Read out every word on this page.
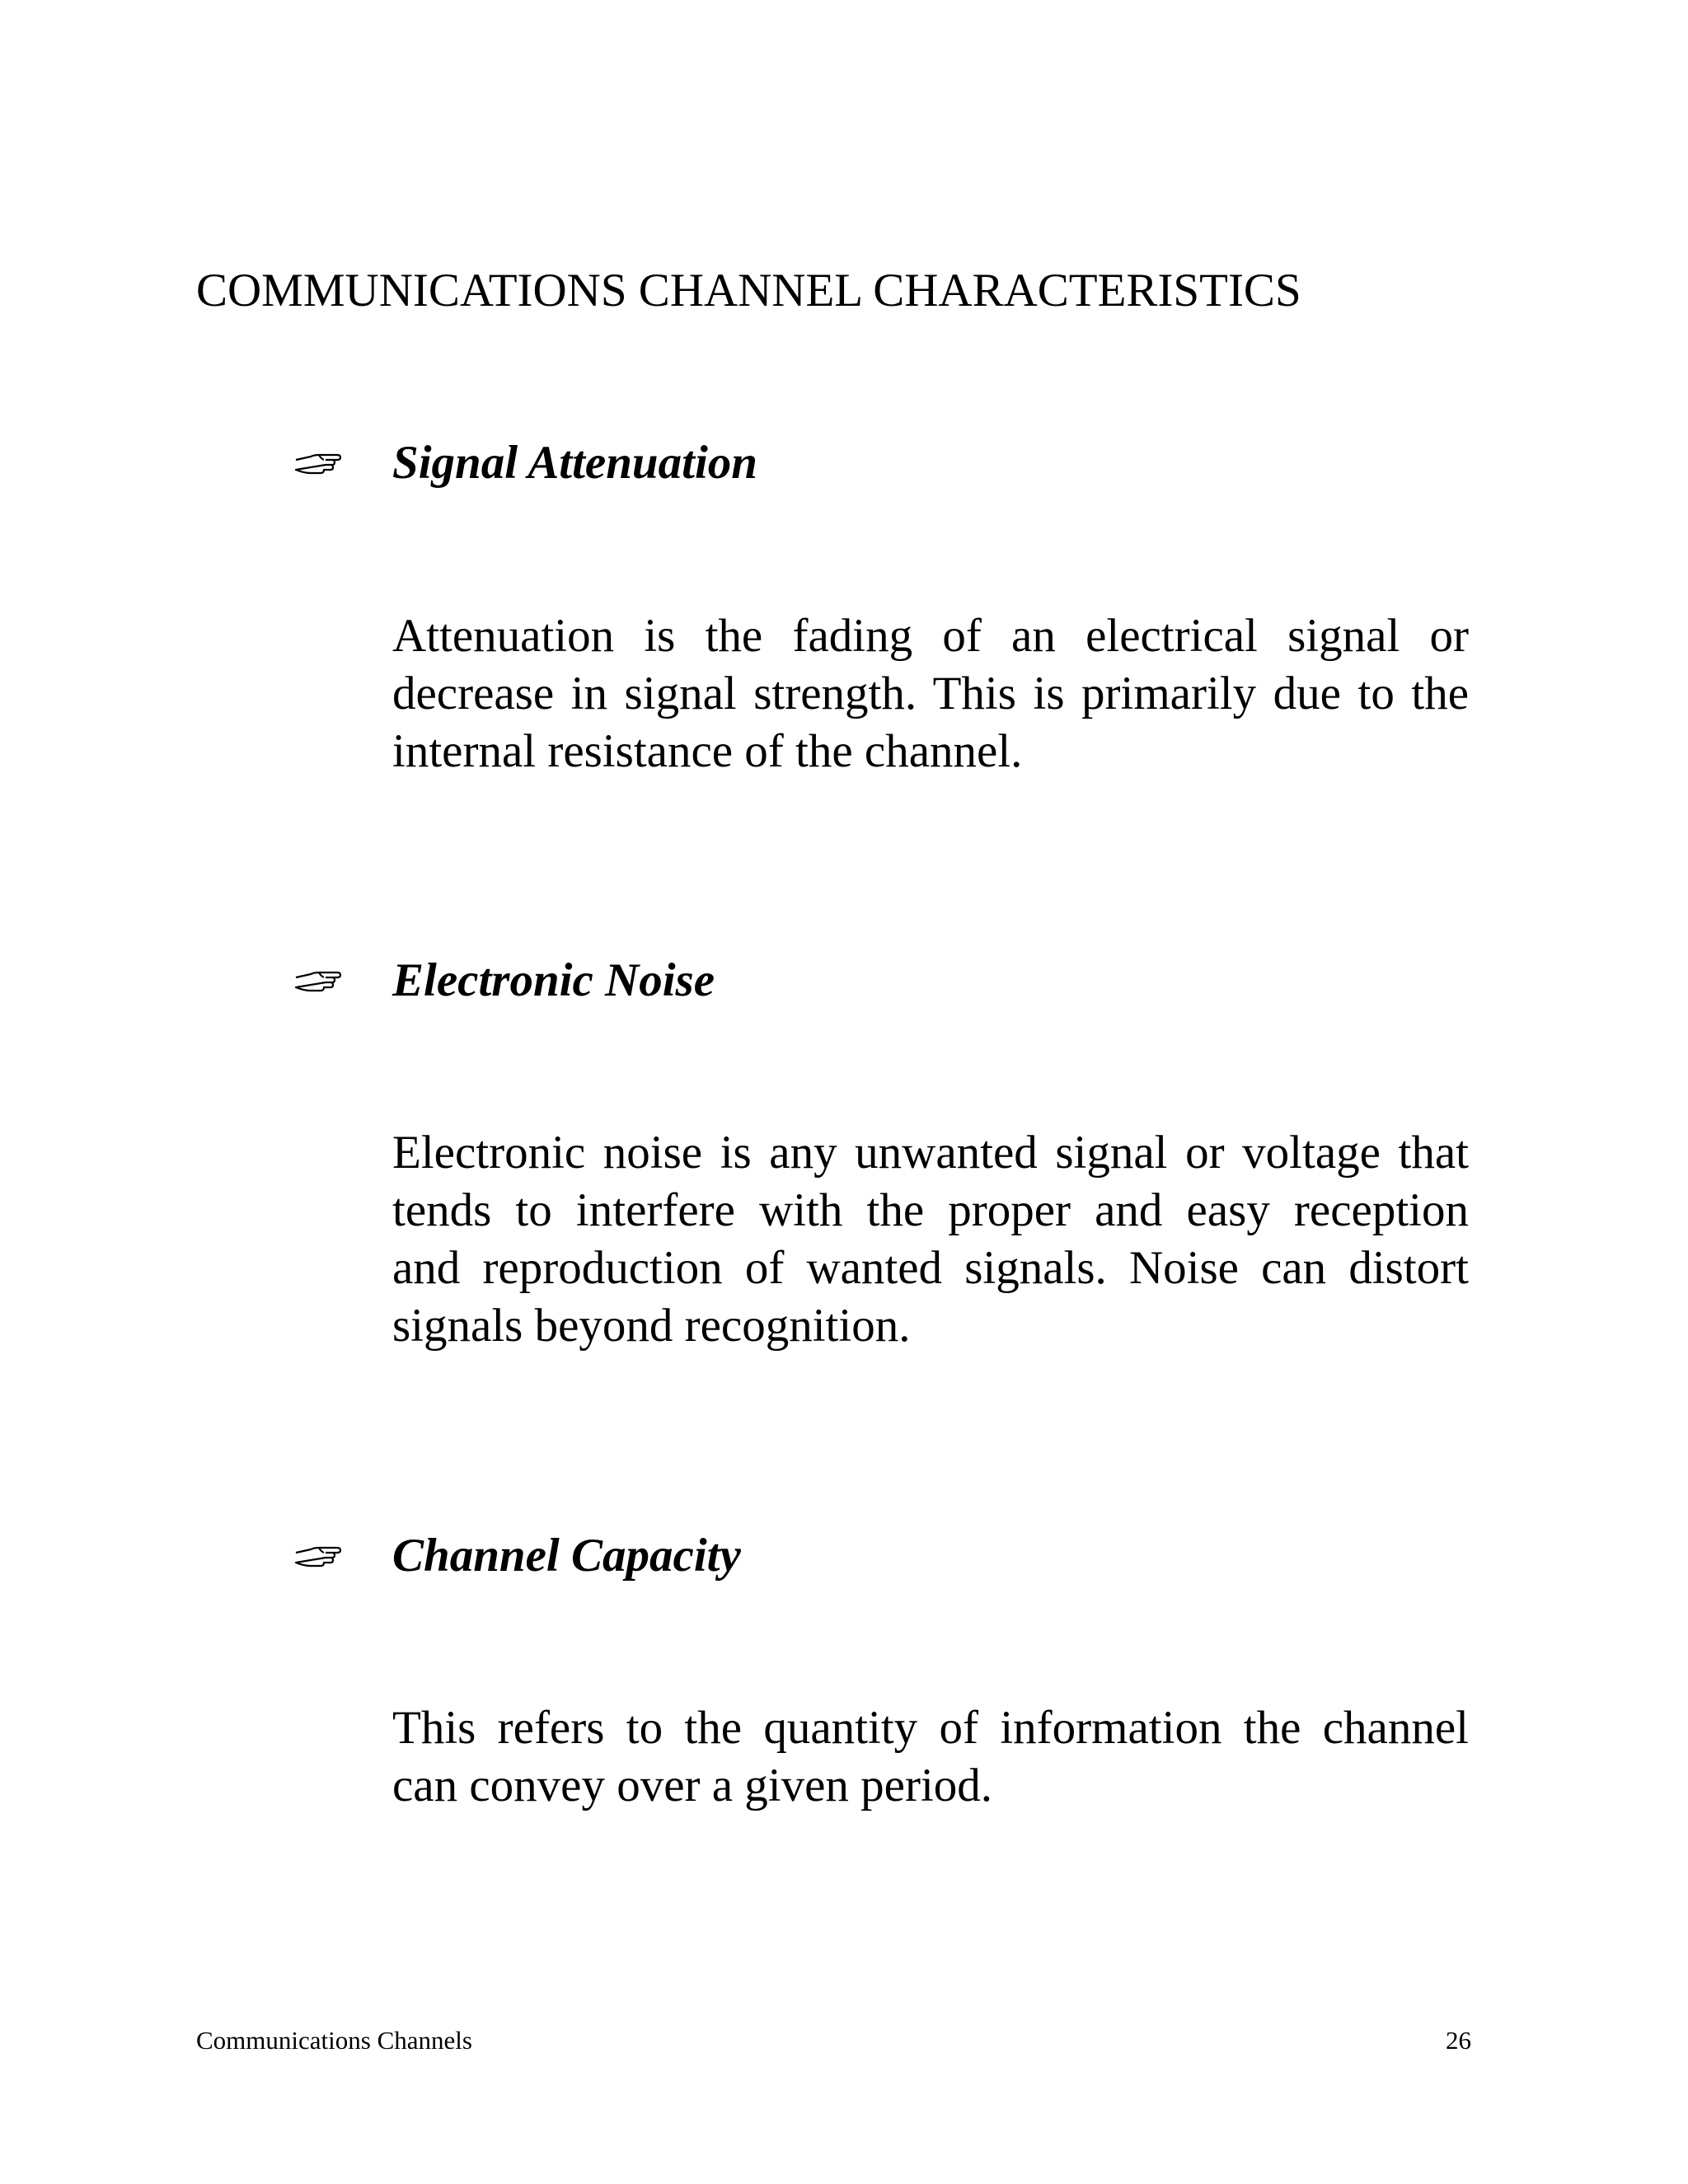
COMMUNICATIONS CHANNEL CHARACTERISTICS
Signal Attenuation
Attenuation is the fading of an electrical signal or
decrease in signal strength. This is primarily due to the
internal resistance of the channel.
Electronic Noise
Electronic noise is any unwanted signal or voltage that
tends to interfere with the proper and easy reception
and reproduction of wanted signals. Noise can distort
signals beyond recognition.
Channel Capacity
This refers to the quantity of information the channel
can convey over a given period.
Communications Channels	26
